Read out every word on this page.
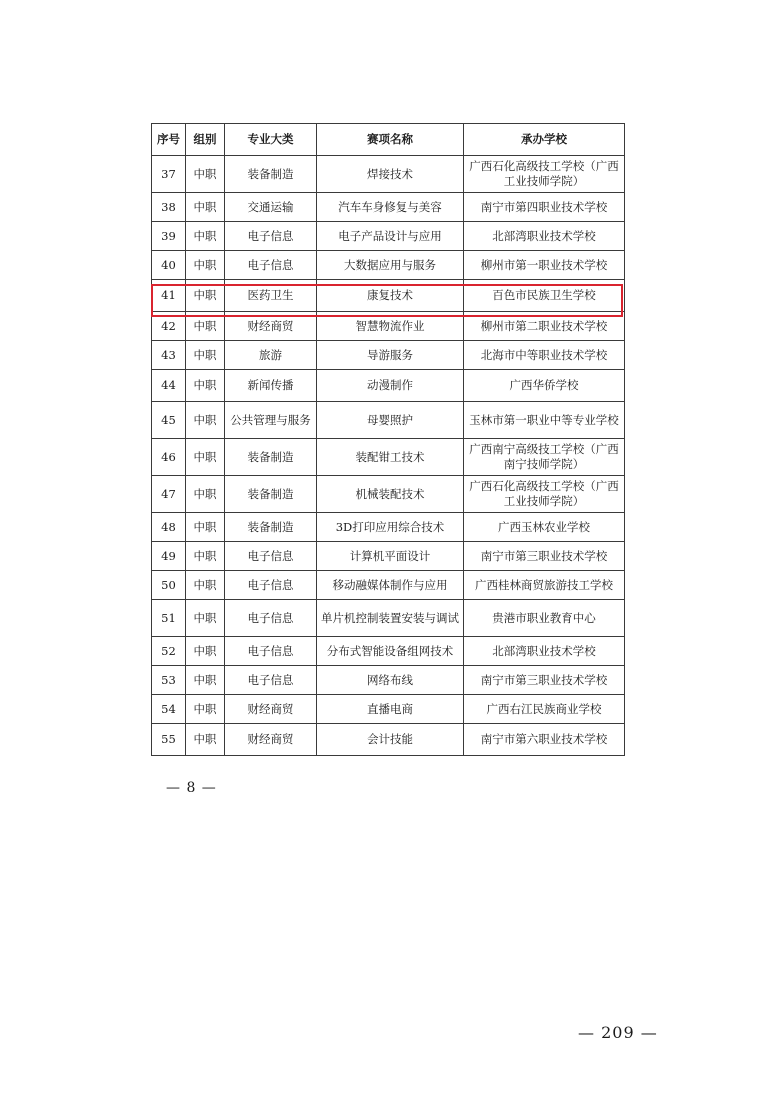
序号	组别	专业大类	赛项名称	承办学校
37	中职	装备制造	焊接技术	广西石化高级技工学校（广西工业技师学院）
38	中职	交通运输	汽车车身修复与美容	南宁市第四职业技术学校
39	中职	电子信息	电子产品设计与应用	北部湾职业技术学校
40	中职	电子信息	大数据应用与服务	柳州市第一职业技术学校
41	中职	医药卫生	康复技术	百色市民族卫生学校
42	中职	财经商贸	智慧物流作业	柳州市第二职业技术学校
43	中职	旅游	导游服务	北海市中等职业技术学校
44	中职	新闻传播	动漫制作	广西华侨学校
45	中职	公共管理与服务	母婴照护	玉林市第一职业中等专业学校
46	中职	装备制造	装配钳工技术	广西南宁高级技工学校（广西南宁技师学院）
47	中职	装备制造	机械装配技术	广西石化高级技工学校（广西工业技师学院）
48	中职	装备制造	3D打印应用综合技术	广西玉林农业学校
49	中职	电子信息	计算机平面设计	南宁市第三职业技术学校
50	中职	电子信息	移动融媒体制作与应用	广西桂林商贸旅游技工学校
51	中职	电子信息	单片机控制装置安装与调试	贵港市职业教育中心
52	中职	电子信息	分布式智能设备组网技术	北部湾职业技术学校
53	中职	电子信息	网络布线	南宁市第三职业技术学校
54	中职	财经商贸	直播电商	广西右江民族商业学校
55	中职	财经商贸	会计技能	南宁市第六职业技术学校
— 8 —
— 209 —
